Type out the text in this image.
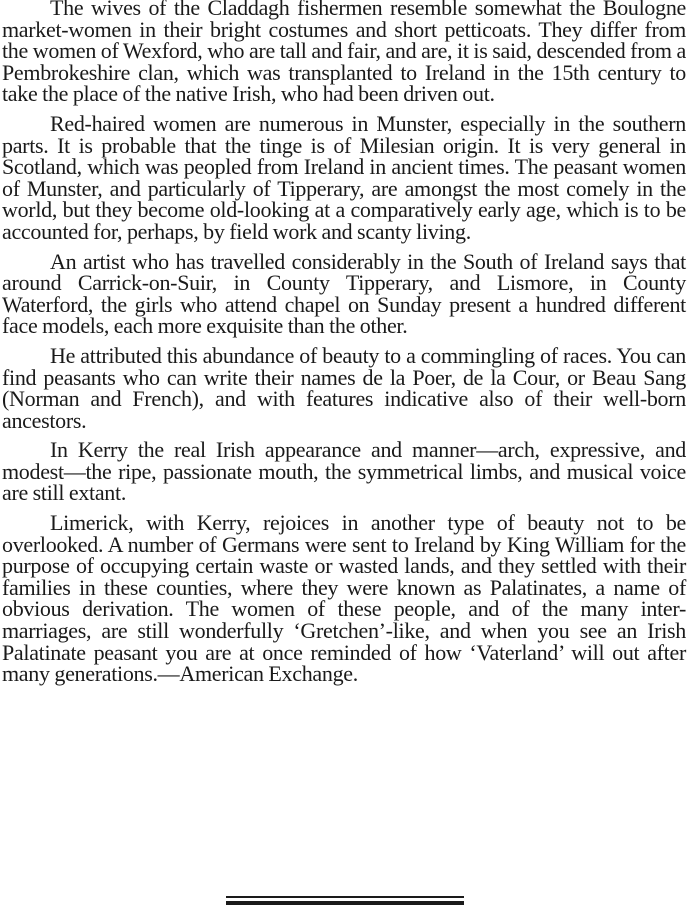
The wives of the Claddagh fishermen resemble somewhat the Boulogne market-women in their bright costumes and short petticoats. They differ from the women of Wexford, who are tall and fair, and are, it is said, descended from a Pembrokeshire clan, which was transplanted to Ireland in the 15th century to take the place of the native Irish, who had been driven out.

Red-haired women are numerous in Munster, especially in the southern parts. It is probable that the tinge is of Milesian origin. It is very general in Scotland, which was peopled from Ireland in ancient times. The peasant women of Munster, and particularly of Tipperary, are amongst the most comely in the world, but they become old-looking at a comparatively early age, which is to be accounted for, perhaps, by field work and scanty living.

An artist who has travelled considerably in the South of Ireland says that around Carrick-on-Suir, in County Tipperary, and Lismore, in County Waterford, the girls who attend chapel on Sunday present a hundred different face models, each more exquisite than the other.

He attributed this abundance of beauty to a commingling of races. You can find peasants who can write their names de la Poer, de la Cour, or Beau Sang (Norman and French), and with features indicative also of their well-born ancestors.

In Kerry the real Irish appearance and manner—arch, expressive, and modest—the ripe, passionate mouth, the symmetrical limbs, and musical voice are still extant.

Limerick, with Kerry, rejoices in another type of beauty not to be overlooked. A number of Germans were sent to Ireland by King William for the purpose of occupying certain waste or wasted lands, and they settled with their families in these counties, where they were known as Palatinates, a name of obvious derivation. The women of these people, and of the many inter-marriages, are still wonderfully ‘Gretchen’-like, and when you see an Irish Palatinate peasant you are at once reminded of how ‘Vaterland’ will out after many generations.—American Exchange.
